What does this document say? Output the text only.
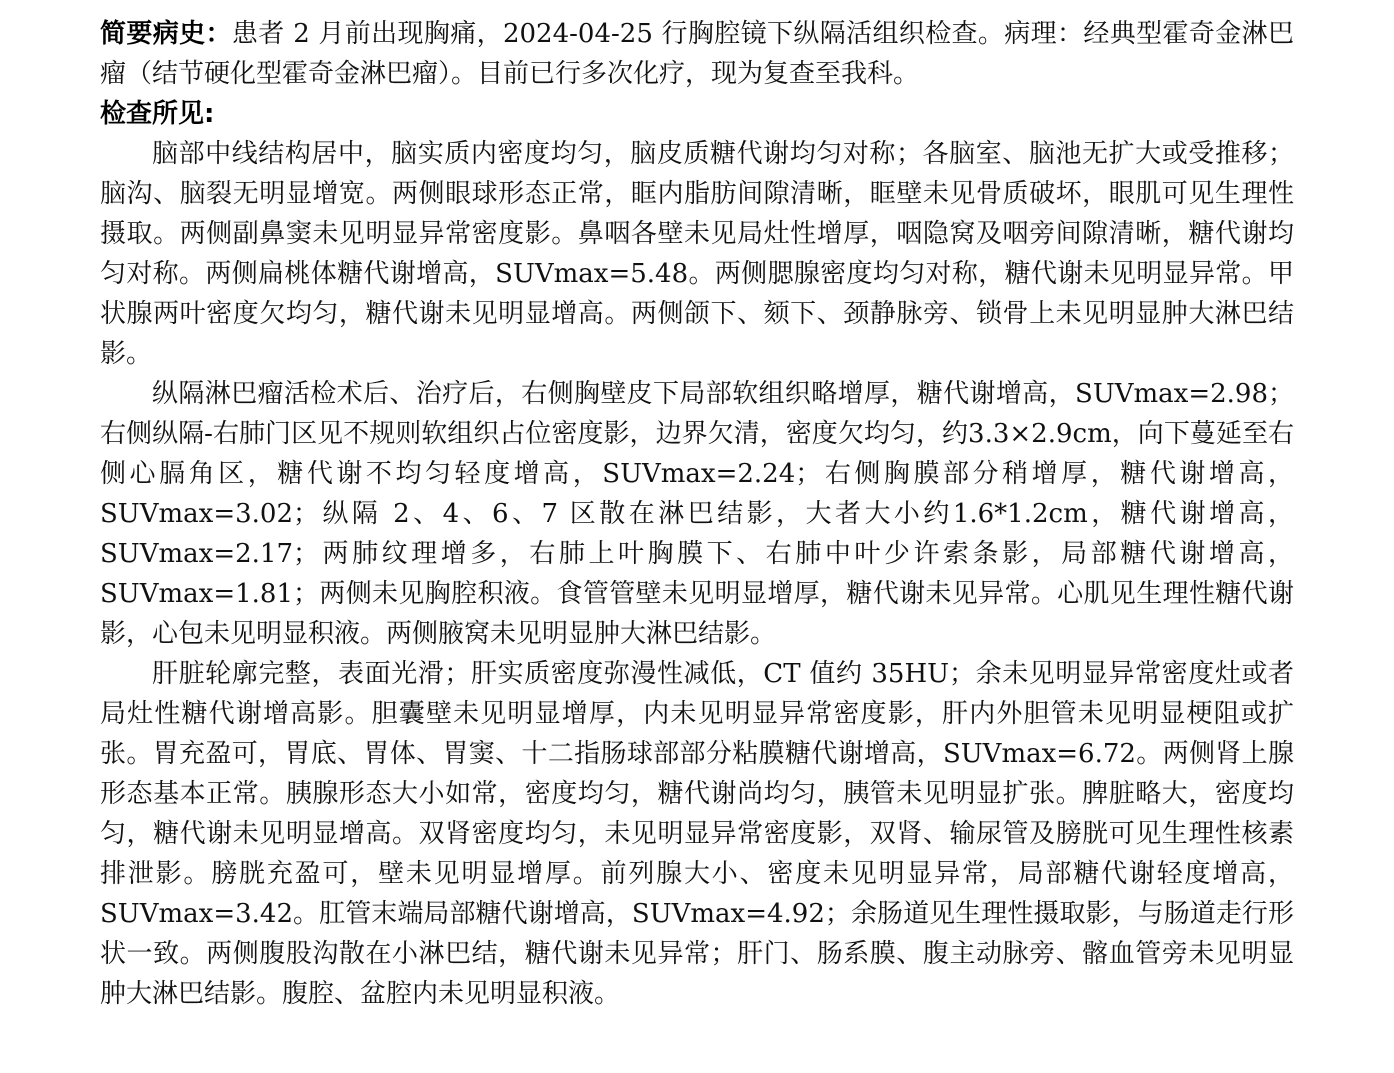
简要病史：患者 2 月前出现胸痛，2024-04-25 行胸腔镜下纵隔活组织检查。病理：经典型霍奇金淋巴瘤（结节硬化型霍奇金淋巴瘤）。目前已行多次化疗，现为复查至我科。

检查所见:

脑部中线结构居中，脑实质内密度均匀，脑皮质糖代谢均匀对称；各脑室、脑池无扩大或受推移；脑沟、脑裂无明显增宽。两侧眼球形态正常，眶内脂肪间隙清晰，眶壁未见骨质破坏，眼肌可见生理性摄取。两侧副鼻窦未见明显异常密度影。鼻咽各壁未见局灶性增厚，咽隐窝及咽旁间隙清晰，糖代谢均匀对称。两侧扁桃体糖代谢增高，SUVmax=5.48。两侧腮腺密度均匀对称，糖代谢未见明显异常。甲状腺两叶密度欠均匀，糖代谢未见明显增高。两侧颌下、颏下、颈静脉旁、锁骨上未见明显肿大淋巴结影。

纵隔淋巴瘤活检术后、治疗后，右侧胸壁皮下局部软组织略增厚，糖代谢增高，SUVmax=2.98；右侧纵隔-右肺门区见不规则软组织占位密度影，边界欠清，密度欠均匀，约3.3×2.9cm，向下蔓延至右侧心膈角区，糖代谢不均匀轻度增高，SUVmax=2.24；右侧胸膜部分稍增厚，糖代谢增高，SUVmax=3.02；纵隔 2、4、6、7 区散在淋巴结影，大者大小约1.6*1.2cm，糖代谢增高，SUVmax=2.17；两肺纹理增多，右肺上叶胸膜下、右肺中叶少许索条影，局部糖代谢增高，SUVmax=1.81；两侧未见胸腔积液。食管管壁未见明显增厚，糖代谢未见异常。心肌见生理性糖代谢影，心包未见明显积液。两侧腋窝未见明显肿大淋巴结影。

肝脏轮廓完整，表面光滑；肝实质密度弥漫性减低，CT 值约 35HU；余未见明显异常密度灶或者局灶性糖代谢增高影。胆囊壁未见明显增厚，内未见明显异常密度影，肝内外胆管未见明显梗阻或扩张。胃充盈可，胃底、胃体、胃窦、十二指肠球部部分粘膜糖代谢增高，SUVmax=6.72。两侧肾上腺形态基本正常。胰腺形态大小如常，密度均匀，糖代谢尚均匀，胰管未见明显扩张。脾脏略大，密度均匀，糖代谢未见明显增高。双肾密度均匀，未见明显异常密度影，双肾、输尿管及膀胱可见生理性核素排泄影。膀胱充盈可，壁未见明显增厚。前列腺大小、密度未见明显异常，局部糖代谢轻度增高，SUVmax=3.42。肛管末端局部糖代谢增高，SUVmax=4.92；余肠道见生理性摄取影，与肠道走行形状一致。两侧腹股沟散在小淋巴结，糖代谢未见异常；肝门、肠系膜、腹主动脉旁、髂血管旁未见明显肿大淋巴结影。腹腔、盆腔内未见明显积液。
